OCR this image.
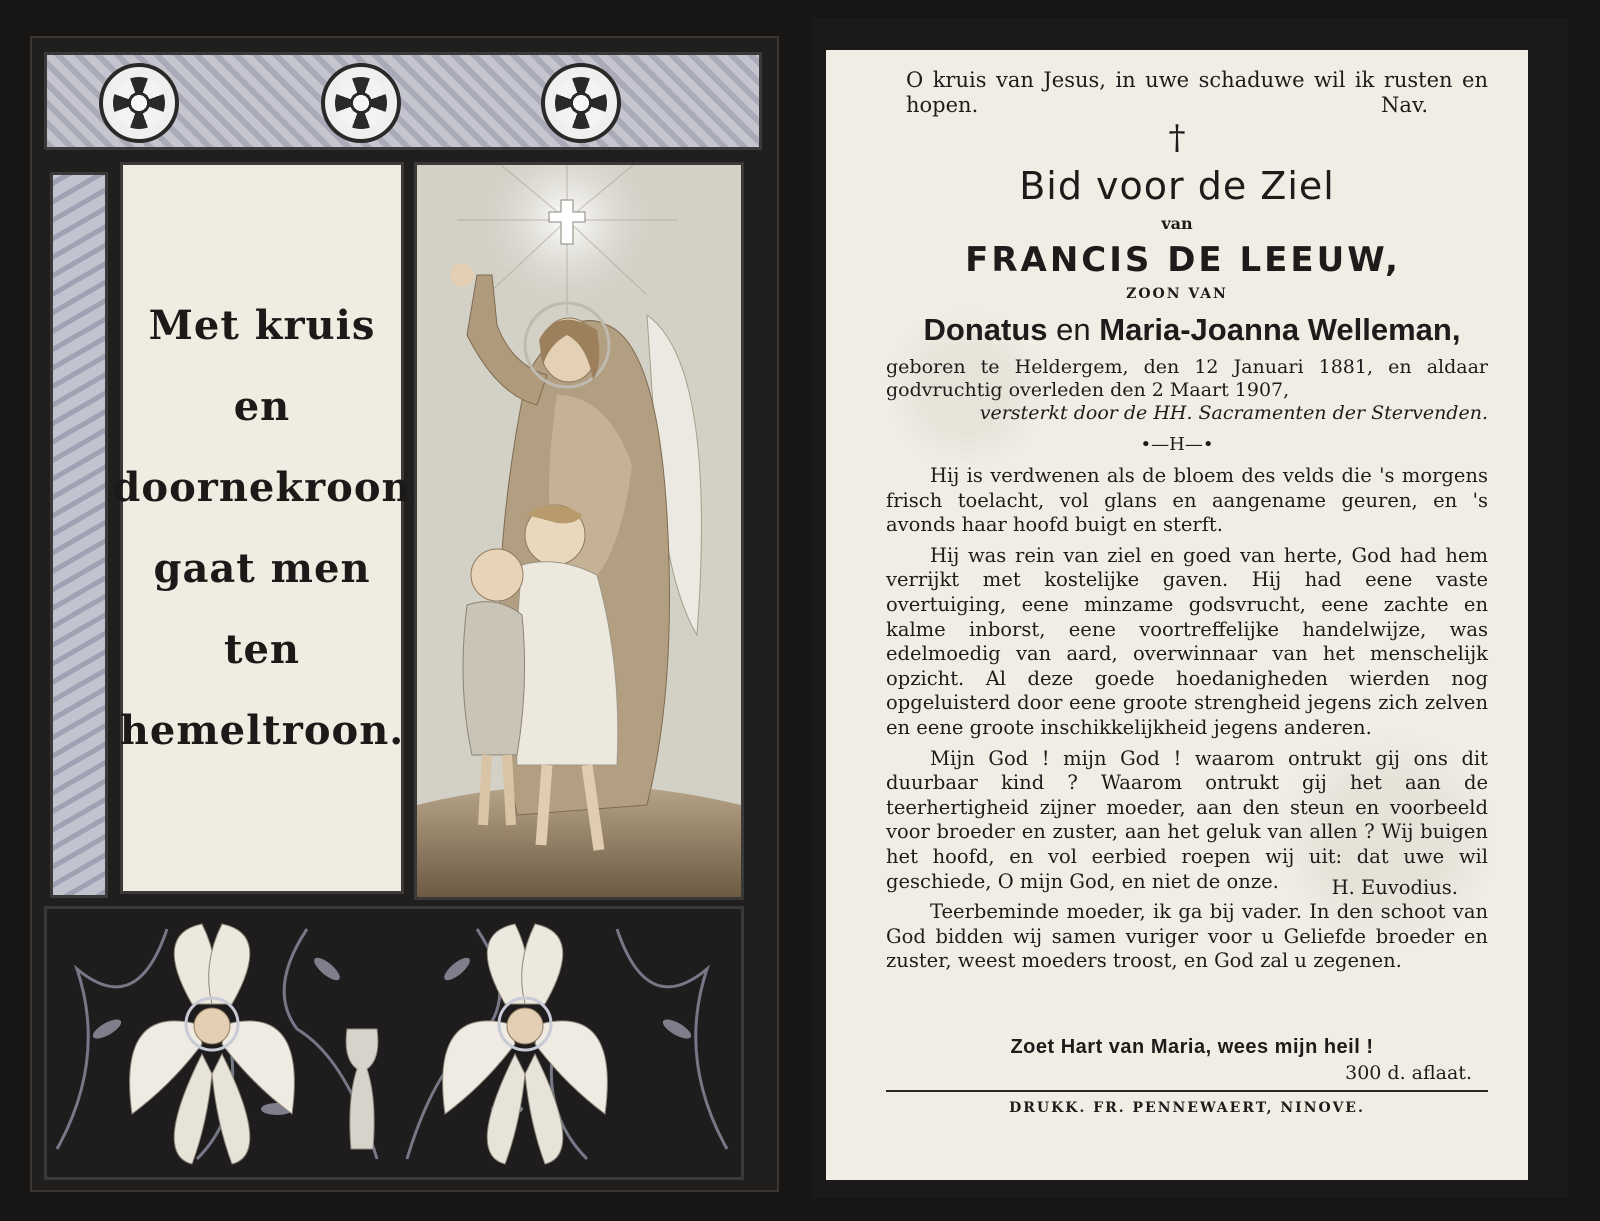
Met kruis
en
doornekroon
gaat men
ten
hemeltroon.
O kruis van Jesus, in uwe schaduwe wil ik rusten en hopen.	Nav.
†
Bid voor de Ziel
van
FRANCIS DE LEEUW,
ZOON VAN
Donatus en Maria-Joanna Welleman,
geboren te Heldergem, den 12 Januari 1881, en aldaar godvruchtig overleden den 2 Maart 1907,
versterkt door de HH. Sacramenten der Stervenden.
•—H—•

Hij is verdwenen als de bloem des velds die 's morgens frisch toelacht, vol glans en aangename geuren, en 's avonds haar hoofd buigt en sterft.

Hij was rein van ziel en goed van herte, God had hem verrijkt met kostelijke gaven. Hij had eene vaste overtuiging, eene minzame godsvrucht, eene zachte en kalme inborst, eene voortreffelijke handelwijze, was edelmoedig van aard, overwinnaar van het menschelijk opzicht. Al deze goede hoedanigheden wierden nog opgeluisterd door eene groote strengheid jegens zich zelven en eene groote inschikkelijkheid jegens anderen.

Mijn God ! mijn God ! waarom ontrukt gij ons dit duurbaar kind ? Waarom ontrukt gij het aan de teerhertigheid zijner moeder, aan den steun en voorbeeld voor broeder en zuster, aan het geluk van allen ? Wij buigen het hoofd, en vol eerbied roepen wij uit: dat uwe wil geschiede, O mijn God, en niet de onze.	H. Euvodius.

Teerbeminde moeder, ik ga bij vader. In den schoot van God bidden wij samen vuriger voor u Geliefde broeder en zuster, weest moeders troost, en God zal u zegenen.

Zoet Hart van Maria, wees mijn heil !
300 d. aflaat.
DRUKK. FR. PENNEWAERT, NINOVE.
